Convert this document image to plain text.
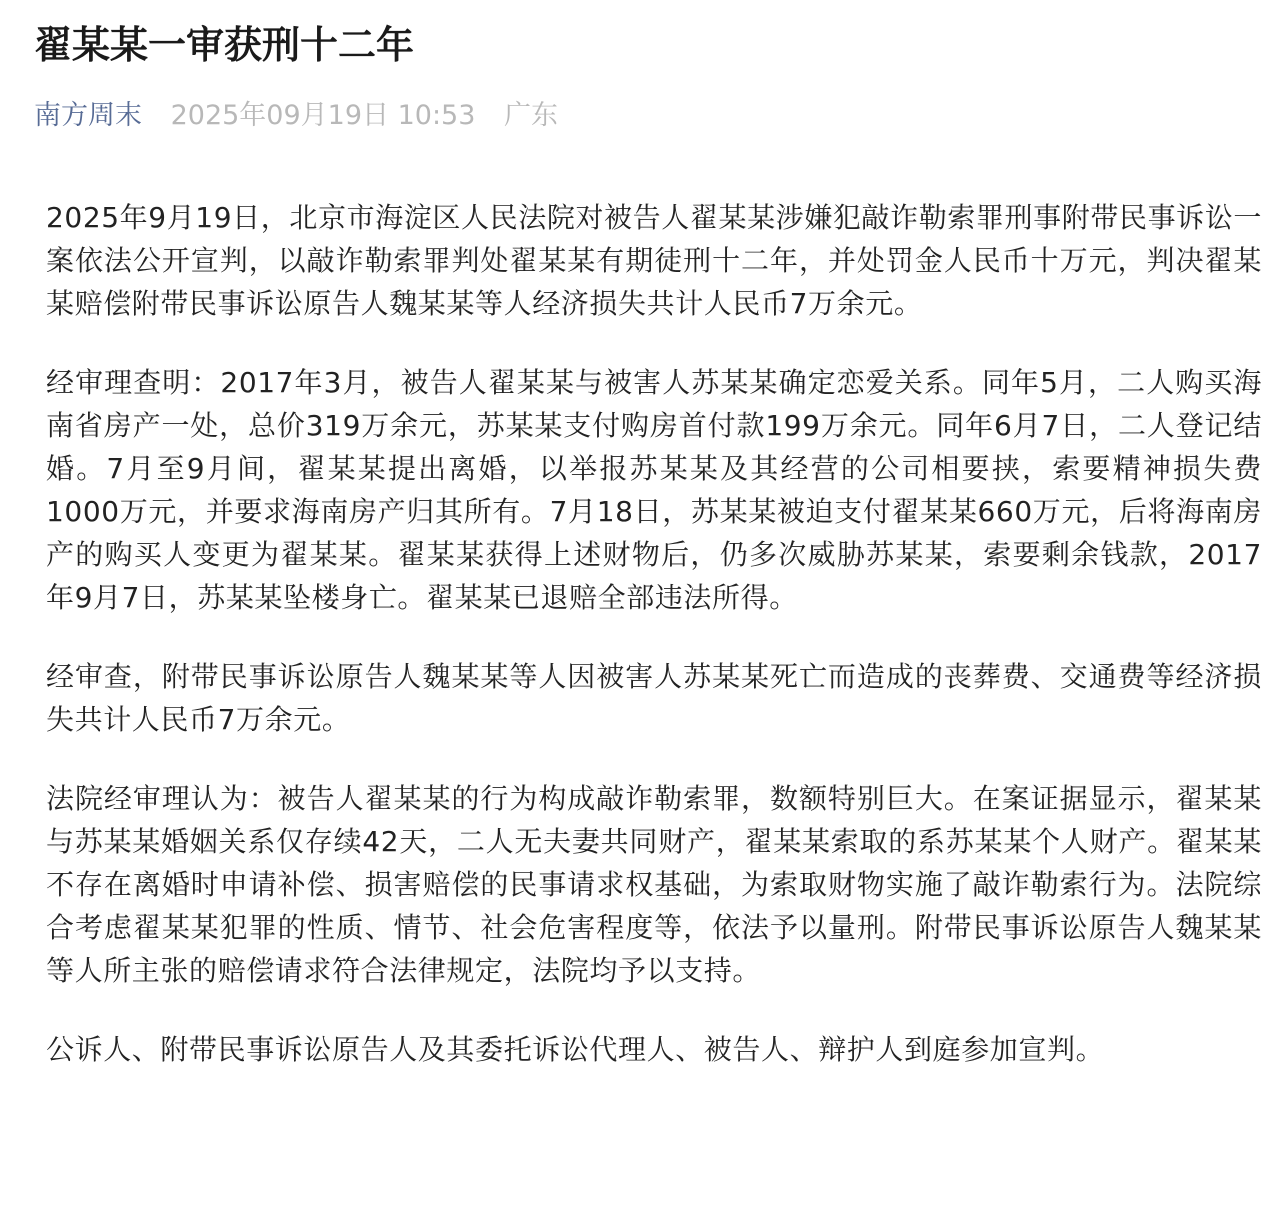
翟某某一审获刑十二年
南方周末 2025年09月19日 10:53 广东

2025年9月19日，北京市海淀区人民法院对被告人翟某某涉嫌犯敲诈勒索罪刑事附带民事诉讼一案依法公开宣判，以敲诈勒索罪判处翟某某有期徒刑十二年，并处罚金人民币十万元，判决翟某某赔偿附带民事诉讼原告人魏某某等人经济损失共计人民币7万余元。

经审理查明：2017年3月，被告人翟某某与被害人苏某某确定恋爱关系。同年5月，二人购买海南省房产一处，总价319万余元，苏某某支付购房首付款199万余元。同年6月7日，二人登记结婚。7月至9月间，翟某某提出离婚，以举报苏某某及其经营的公司相要挟，索要精神损失费1000万元，并要求海南房产归其所有。7月18日，苏某某被迫支付翟某某660万元，后将海南房产的购买人变更为翟某某。翟某某获得上述财物后，仍多次威胁苏某某，索要剩余钱款，2017年9月7日，苏某某坠楼身亡。翟某某已退赔全部违法所得。

经审查，附带民事诉讼原告人魏某某等人因被害人苏某某死亡而造成的丧葬费、交通费等经济损失共计人民币7万余元。

法院经审理认为：被告人翟某某的行为构成敲诈勒索罪，数额特别巨大。在案证据显示，翟某某与苏某某婚姻关系仅存续42天，二人无夫妻共同财产，翟某某索取的系苏某某个人财产。翟某某不存在离婚时申请补偿、损害赔偿的民事请求权基础，为索取财物实施了敲诈勒索行为。法院综合考虑翟某某犯罪的性质、情节、社会危害程度等，依法予以量刑。附带民事诉讼原告人魏某某等人所主张的赔偿请求符合法律规定，法院均予以支持。

公诉人、附带民事诉讼原告人及其委托诉讼代理人、被告人、辩护人到庭参加宣判。
